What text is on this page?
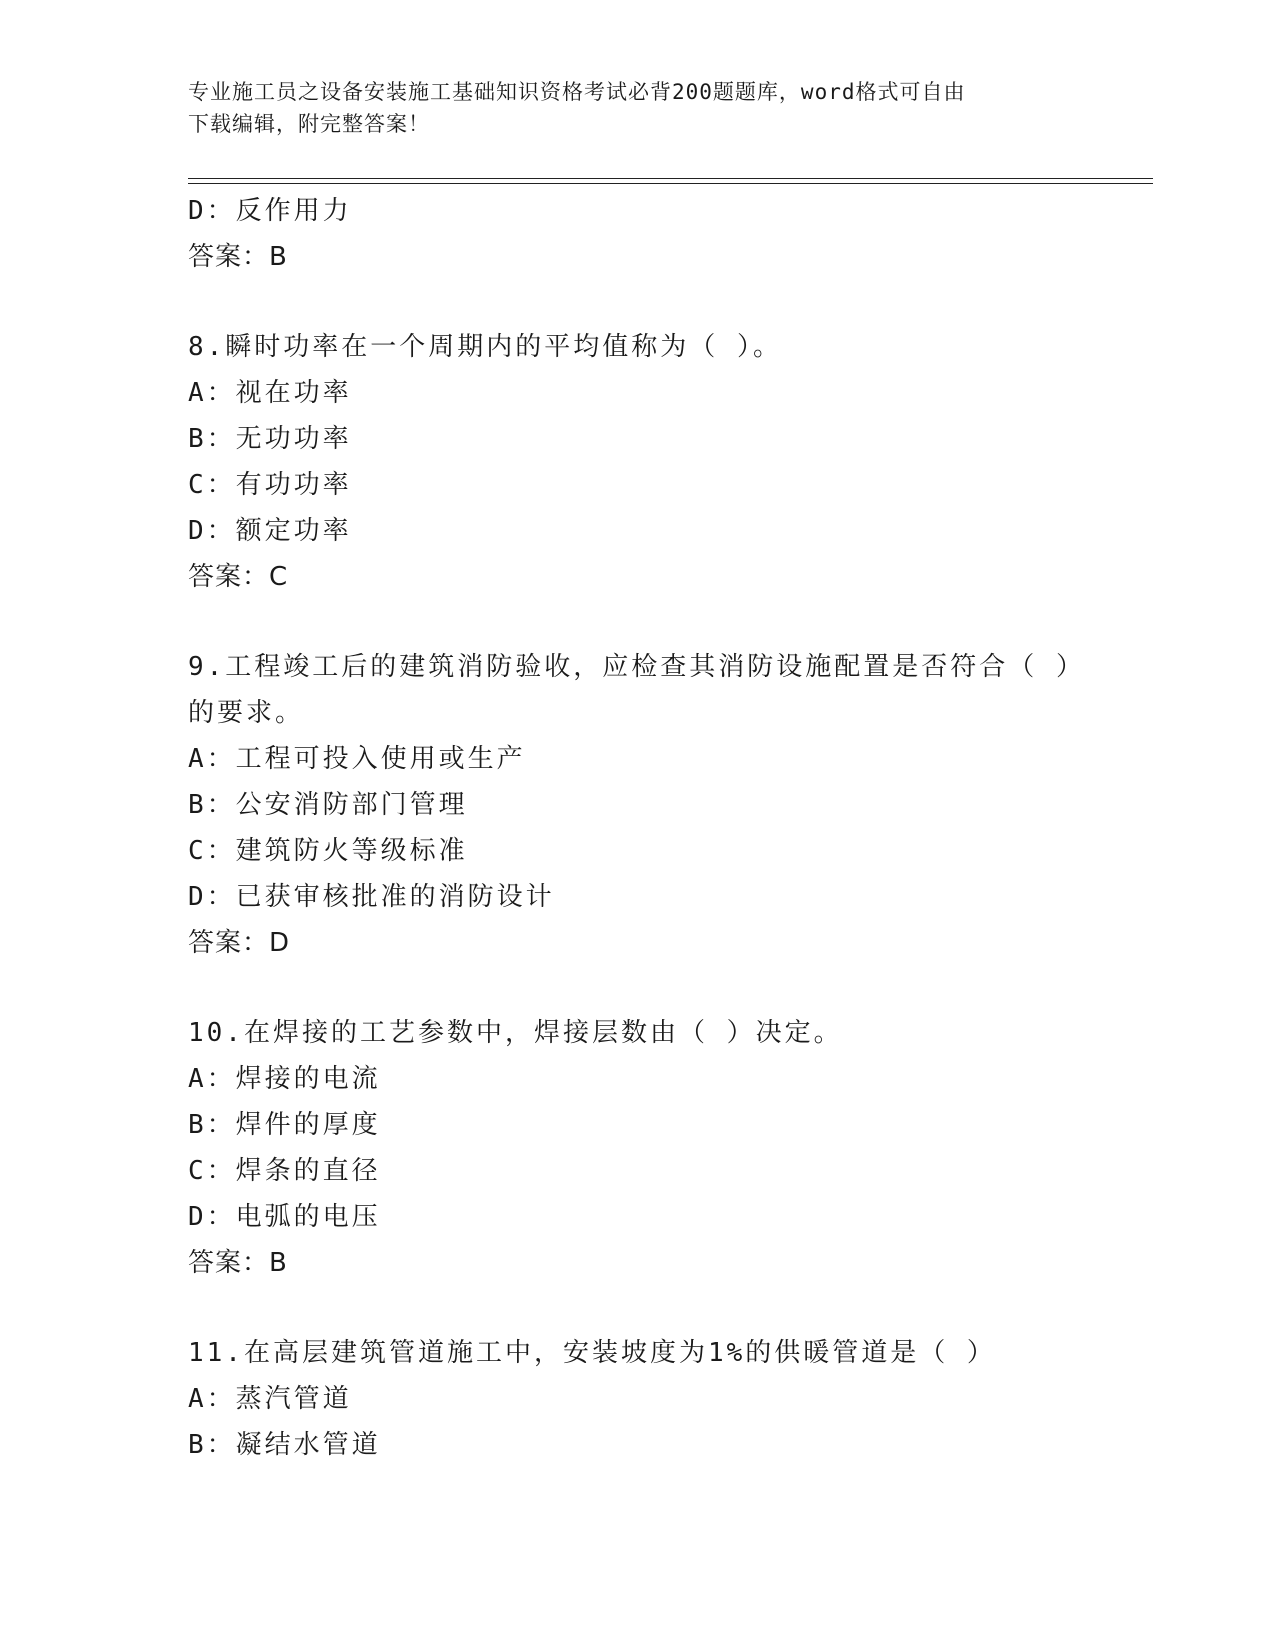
专业施工员之设备安装施工基础知识资格考试必背200题题库，word格式可自由
下载编辑，附完整答案！
D：反作用力
答案：B
8.瞬时功率在一个周期内的平均值称为（ ）。
A：视在功率
B：无功功率
C：有功功率
D：额定功率
答案：C
9.工程竣工后的建筑消防验收，应检查其消防设施配置是否符合（ ）
的要求。
A：工程可投入使用或生产
B：公安消防部门管理
C：建筑防火等级标准
D：已获审核批准的消防设计
答案：D
10.在焊接的工艺参数中，焊接层数由（ ）决定。
A：焊接的电流
B：焊件的厚度
C：焊条的直径
D：电弧的电压
答案：B
11.在高层建筑管道施工中，安装坡度为1%的供暖管道是（ ）
A：蒸汽管道
B：凝结水管道
